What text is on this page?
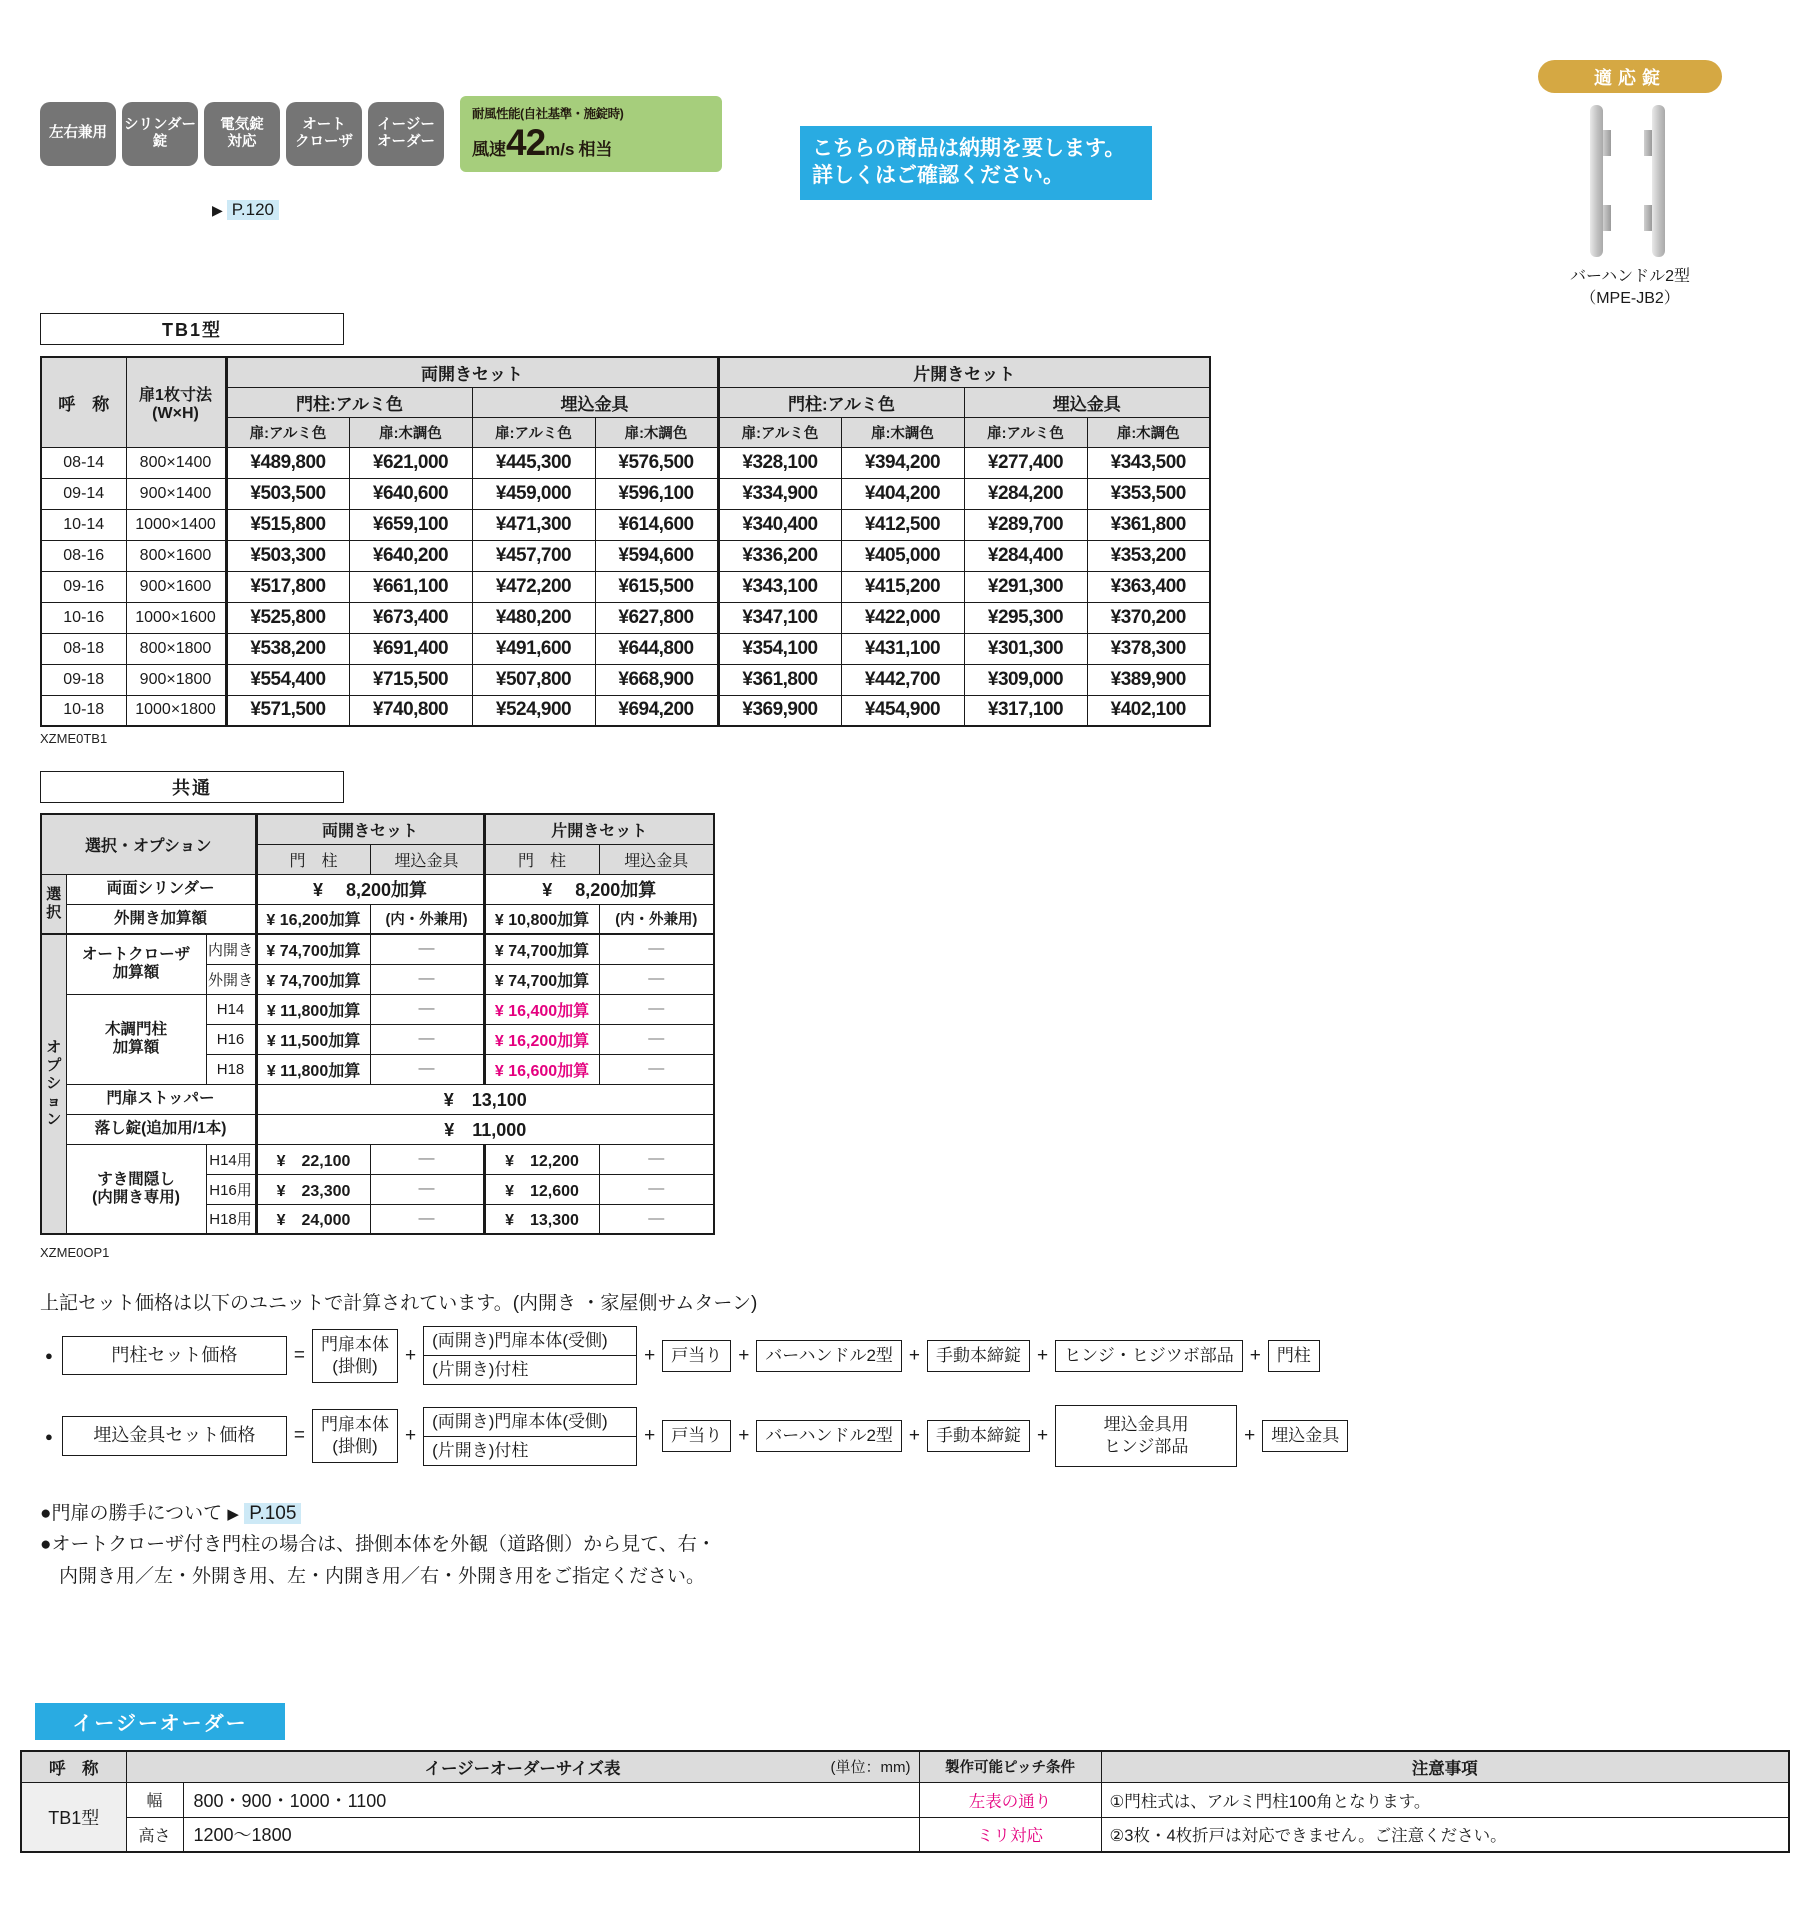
左右兼用
シリンダー
錠
電気錠
対応
オート
クローザ
イージー
オーダー
▶ P.120
耐風性能(自社基準・施錠時)
風速 42 m/s 相当	こちらの商品は納期を要します。
詳しくはご確認ください。
適応錠
バーハンドル2型
（MPE-JB2）
TB1型
呼　称	扉1枚寸法
(W×H)	両開きセット				片開きセット			
		門柱:アルミ色		埋込金具		門柱:アルミ色		埋込金具	
		扉:アルミ色	扉:木調色	扉:アルミ色	扉:木調色	扉:アルミ色	扉:木調色	扉:アルミ色	扉:木調色
08-14	800×1400	¥489,800	¥621,000	¥445,300	¥576,500	¥328,100	¥394,200	¥277,400	¥343,500
09-14	900×1400	¥503,500	¥640,600	¥459,000	¥596,100	¥334,900	¥404,200	¥284,200	¥353,500
10-14	1000×1400	¥515,800	¥659,100	¥471,300	¥614,600	¥340,400	¥412,500	¥289,700	¥361,800
08-16	800×1600	¥503,300	¥640,200	¥457,700	¥594,600	¥336,200	¥405,000	¥284,400	¥353,200
09-16	900×1600	¥517,800	¥661,100	¥472,200	¥615,500	¥343,100	¥415,200	¥291,300	¥363,400
10-16	1000×1600	¥525,800	¥673,400	¥480,200	¥627,800	¥347,100	¥422,000	¥295,300	¥370,200
08-18	800×1800	¥538,200	¥691,400	¥491,600	¥644,800	¥354,100	¥431,100	¥301,300	¥378,300
09-18	900×1800	¥554,400	¥715,500	¥507,800	¥668,900	¥361,800	¥442,700	¥309,000	¥389,900
10-18	1000×1800	¥571,500	¥740,800	¥524,900	¥694,200	¥369,900	¥454,900	¥317,100	¥402,100
XZME0TB1
共通
選択・オプション			両開きセット		片開きセット	
			門　柱	埋込金具	門　柱	埋込金具

選択	両面シリンダー		¥　 8,200加算		¥　 8,200加算	
	外開き加算額		¥ 16,200加算	(内・外兼用)	¥ 10,800加算	(内・外兼用)

オプション	オートクローザ
加算額	内開き	¥ 74,700加算	—	¥ 74,700加算	—
		外開き	¥ 74,700加算	—	¥ 74,700加算	—

	木調門柱
加算額	H14	¥ 11,800加算	—	¥ 16,400加算	—
		H16	¥ 11,500加算	—	¥ 16,200加算	—
		H18	¥ 11,800加算	—	¥ 16,600加算	—
	門扉ストッパー		¥　13,100			
	落し錠(追加用/1本)		¥　11,000			

	すき間隠し
(内開き専用)	H14用	¥　22,100	—	¥　12,200	—
		H16用	¥　23,300	—	¥　12,600	—
		H18用	¥　24,000	—	¥　13,300	—
XZME0OP1
上記セット価格は以下のユニットで計算されています。(内開き ・家屋側サムターン)
●	門柱セット価格	=
門扉本体
(掛側)
+
(両開き)門扉本体(受側)
(片開き)付柱
+ 戸当り + バーハンドル2型 + 手動本締錠 + ヒンジ・ヒジツボ部品 + 門柱
●	埋込金具セット価格	=
門扉本体
(掛側)
+
(両開き)門扉本体(受側)
(片開き)付柱
+ 戸当り + バーハンドル2型 + 手動本締錠 +
埋込金具用
ヒンジ部品
+ 埋込金具
●門扉の勝手について ▶ P.105
●オートクローザ付き門柱の場合は、掛側本体を外観（道路側）から見て、右・
内開き用／左・外開き用、左・内開き用／右・外開き用をご指定ください。
イージーオーダー
呼　称	イージーオーダーサイズ表 (単位：mm)		製作可能ピッチ条件	注意事項
TB1型	幅	800・900・1000・1100	左表の通り	①門柱式は、アルミ門柱100角となります。
	高さ	1200～1800	ミリ対応	②3枚・4枚折戸は対応できません。ご注意ください。
